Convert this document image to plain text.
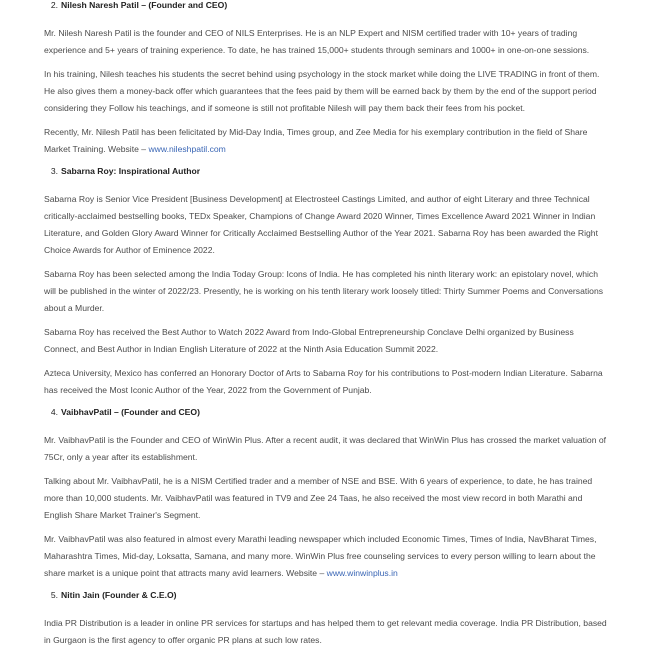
2. Nilesh Naresh Patil – (Founder and CEO)

Mr. Nilesh Naresh Patil is the founder and CEO of NILS Enterprises. He is an NLP Expert and NISM certified trader with 10+ years of trading experience and 5+ years of training experience. To date, he has trained 15,000+ students through seminars and 1000+ in one-on-one sessions.

In his training, Nilesh teaches his students the secret behind using psychology in the stock market while doing the LIVE TRADING in front of them. He also gives them a money-back offer which guarantees that the fees paid by them will be earned back by them by the end of the support period considering they Follow his teachings, and if someone is still not profitable Nilesh will pay them back their fees from his pocket.

Recently, Mr. Nilesh Patil has been felicitated by Mid-Day India, Times group, and Zee Media for his exemplary contribution in the field of Share Market Training. Website – www.nileshpatil.com

3. Sabarna Roy: Inspirational Author

Sabarna Roy is Senior Vice President [Business Development] at Electrosteel Castings Limited, and author of eight Literary and three Technical critically-acclaimed bestselling books, TEDx Speaker, Champions of Change Award 2020 Winner, Times Excellence Award 2021 Winner in Indian Literature, and Golden Glory Award Winner for Critically Acclaimed Bestselling Author of the Year 2021. Sabarna Roy has been awarded the Right Choice Awards for Author of Eminence 2022.

Sabarna Roy has been selected among the India Today Group: Icons of India. He has completed his ninth literary work: an epistolary novel, which will be published in the winter of 2022/23. Presently, he is working on his tenth literary work loosely titled: Thirty Summer Poems and Conversations about a Murder.

Sabarna Roy has received the Best Author to Watch 2022 Award from Indo-Global Entrepreneurship Conclave Delhi organized by Business Connect, and Best Author in Indian English Literature of 2022 at the Ninth Asia Education Summit 2022.

Azteca University, Mexico has conferred an Honorary Doctor of Arts to Sabarna Roy for his contributions to Post-modern Indian Literature. Sabarna has received the Most Iconic Author of the Year, 2022 from the Government of Punjab.

4. VaibhavPatil – (Founder and CEO)

Mr. VaibhavPatil is the Founder and CEO of WinWin Plus. After a recent audit, it was declared that WinWin Plus has crossed the market valuation of 75Cr, only a year after its establishment.

Talking about Mr. VaibhavPatil, he is a NISM Certified trader and a member of NSE and BSE. With 6 years of experience, to date, he has trained more than 10,000 students. Mr. VaibhavPatil was featured in TV9 and Zee 24 Taas, he also received the most view record in both Marathi and English Share Market Trainer's Segment.

Mr. VaibhavPatil was also featured in almost every Marathi leading newspaper which included Economic Times, Times of India, NavBharat Times, Maharashtra Times, Mid-day, Loksatta, Samana, and many more. WinWin Plus free counseling services to every person willing to learn about the share market is a unique point that attracts many avid learners. Website – www.winwinplus.in

5. Nitin Jain (Founder & C.E.O)

India PR Distribution is a leader in online PR services for startups and has helped them to get relevant media coverage. India PR Distribution, based in Gurgaon is the first agency to offer organic PR plans at such low rates.
